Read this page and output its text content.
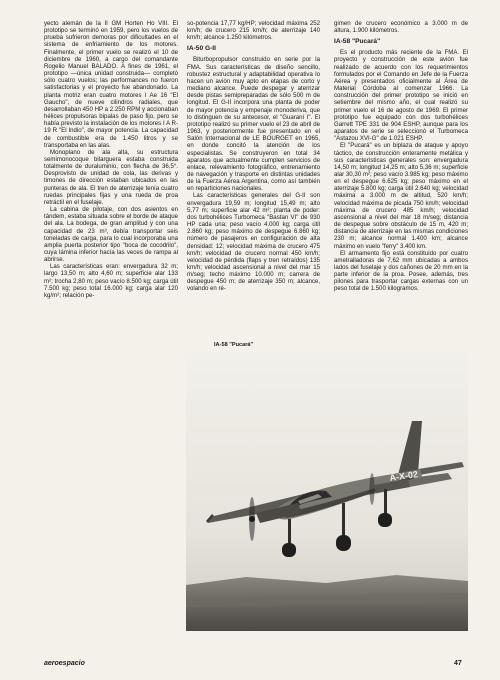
yecto alemán de la II GM Horten Ho VIII. El prototipo se terminó en 1959, pero los vuelos de prueba sufrieron demoras por dificultades en el sistema de enfriamiento de los motores. Finalmente, el primer vuelo se realizó el 10 de diciembre de 1960, a cargo del comandante Rogelio Manuel BALADO. A fines de 1961, el prototipo —única unidad construida— completó sólo cuatro vuelos; las performances no fueron satisfactorias y el proyecto fue abandonado. La planta motriz eran cuatro motores I Ae 16 "El Gaucho", de nueve cilindros radiales, que desarrollaban 450 HP a 2.250 RPM y accionaban hélices propulsoras bipalas de paso fijo, pero se había previsto la instalación de los motores I A R-19 R "El Indio", de mayor potencia. La capacidad de combustible era de 1.450 litros y se transportaba en las alas.

Monoplano de ala alta, su estructura semimonocoque bilarguera estaba construida totalmente de duraluminio, con flecha de 36,5°. Desprovisto de unidad de cola, las derivas y timones de dirección estaban ubicados en las punteras de ala. El tren de aterrizaje tenía cuatro ruedas principales fijas y una rueda de proa retráctil en el fuselaje.

La cabina de pilotaje, con dos asientos en tándem, estaba situada sobre el borde de ataque del ala. La bodega, de gran amplitud y con una capacidad de 23 m³, debía transportar seis toneladas de carga, para lo cual incorporaba una amplia puerta posterior tipo "boca de cocodrilo", cuya lámina inferior hacía las veces de rampa al abrirse.

Las características eran: envergadura 32 m; largo 13,50 m; alto 4,60 m; superficie alar 133 m²; trocha 2,80 m; peso vacío 8.500 kg; carga útil 7.500 kg; peso total 16.000 kg; carga alar 120 kg/m²; relación pe-

so-potencia 17,77 kg/HP; velocidad máxima 252 km/h; de crucero 215 km/h; de aterrizaje 140 km/h; alcance 1.250 kilómetros.

IA-50 G-II

Biturbopropulsor construido en serie por la FMA. Sus características de diseño sencillo, robustez estructural y adaptabilidad operativa lo hacen un avión muy apto en etapas de corto y mediano alcance. Puede despegar y aterrizar desde pistas semipreparadas de sólo 500 m de longitud. El G-II incorpora una planta de poder de mayor potencia y empenaje monoderiva, que lo distinguen de su antecesor, el "Guaraní I". El prototipo realizó su primer vuelo el 23 de abril de 1963, y posteriormente fue presentado en el Salón Internacional de LE BOURGET en 1965, en donde concitó la atención de los especialistas. Se construyeron en total 34 aparatos que actualmente cumplen servicios de enlace, relevamiento fotográfico, entrenamiento de navegación y trasporte en distintas unidades de la Fuerza Aérea Argentina, como así también en reparticiones nacionales.

Las características generales del G-II son envergadura 19,59 m; longitud 15,49 m; alto 5,77 m; superficie alar 42 m²; planta de poder: dos turbohélices Turbomeca "Bastan VI" de 930 HP cada una; peso vacío 4.000 kg; carga útil 2.860 kg; peso máximo de despegue 6.860 kg; número de pasajeros en configuración de alta densidad: 12; velocidad máxima de crucero 475 km/h; velocidad de crucero normal 450 km/h; velocidad de pérdida (flaps y tren retraídos) 135 km/h; velocidad ascensional a nivel del mar 15 m/seg; techo máximo 10.000 m; carrera de despegue 450 m; de aterrizaje 350 m; alcance, volando en ré-

gimen de crucero económico a 3.000 m de altura, 1.900 kilómetros.

IA-58 "Pucará"

Es el producto más reciente de la FMA. El proyecto y construcción de este avión fue realizado de acuerdo con los requerimientos formulados por el Comando en Jefe de la Fuerza Aérea y presentados oficialmente al Área de Material Córdoba al comenzar 1966. La construcción del primer prototipo se inició en setiembre del mismo año, el cual realizó su primer vuelo el 16 de agosto de 1969. El primer prototipo fue equipado con dos turbohélices Garrett TPE 331 de 904 ESHP, aunque para los aparatos de serie se seleccionó el Turbomeca "Astazou XVI-G" de 1.021 ESHP.

El "Pucará" es un biplaza de ataque y apoyo táctico, de construcción enteramente metálica y sus características generales son: envergadura 14,50 m; longitud 14,25 m; alto 5,36 m; superficie alar 30,30 m²; peso vacío 3.985 kg; peso máximo en el despegue 6.625 kg; peso máximo en el aterrizaje 5.800 kg; carga útil 2.640 kg; velocidad máxima a 3.000 m de altitud, 520 km/h; velocidad máxima de picada 750 km/h; velocidad máxima de crucero 485 km/h; velocidad ascensional a nivel del mar 18 m/seg; distancia de despegue sobre obstáculo de 15 m, 420 m; distancia de aterrizaje en las mismas condiciones 230 m; alcance normal 1.400 km; alcance máximo en vuelo "ferry" 3.400 km.

El armamento fijo está constituido por cuatro ametralladoras de 7,62 mm ubicadas a ambos lados del fuselaje y dos cañones de 20 mm en la parte inferior de la proa. Posee, además, tres pilones para trasportar cargas externas con un peso total de 1.500 kilogramos.

IA-58 "Pucará"
A-X-02
aeroespacio	47
